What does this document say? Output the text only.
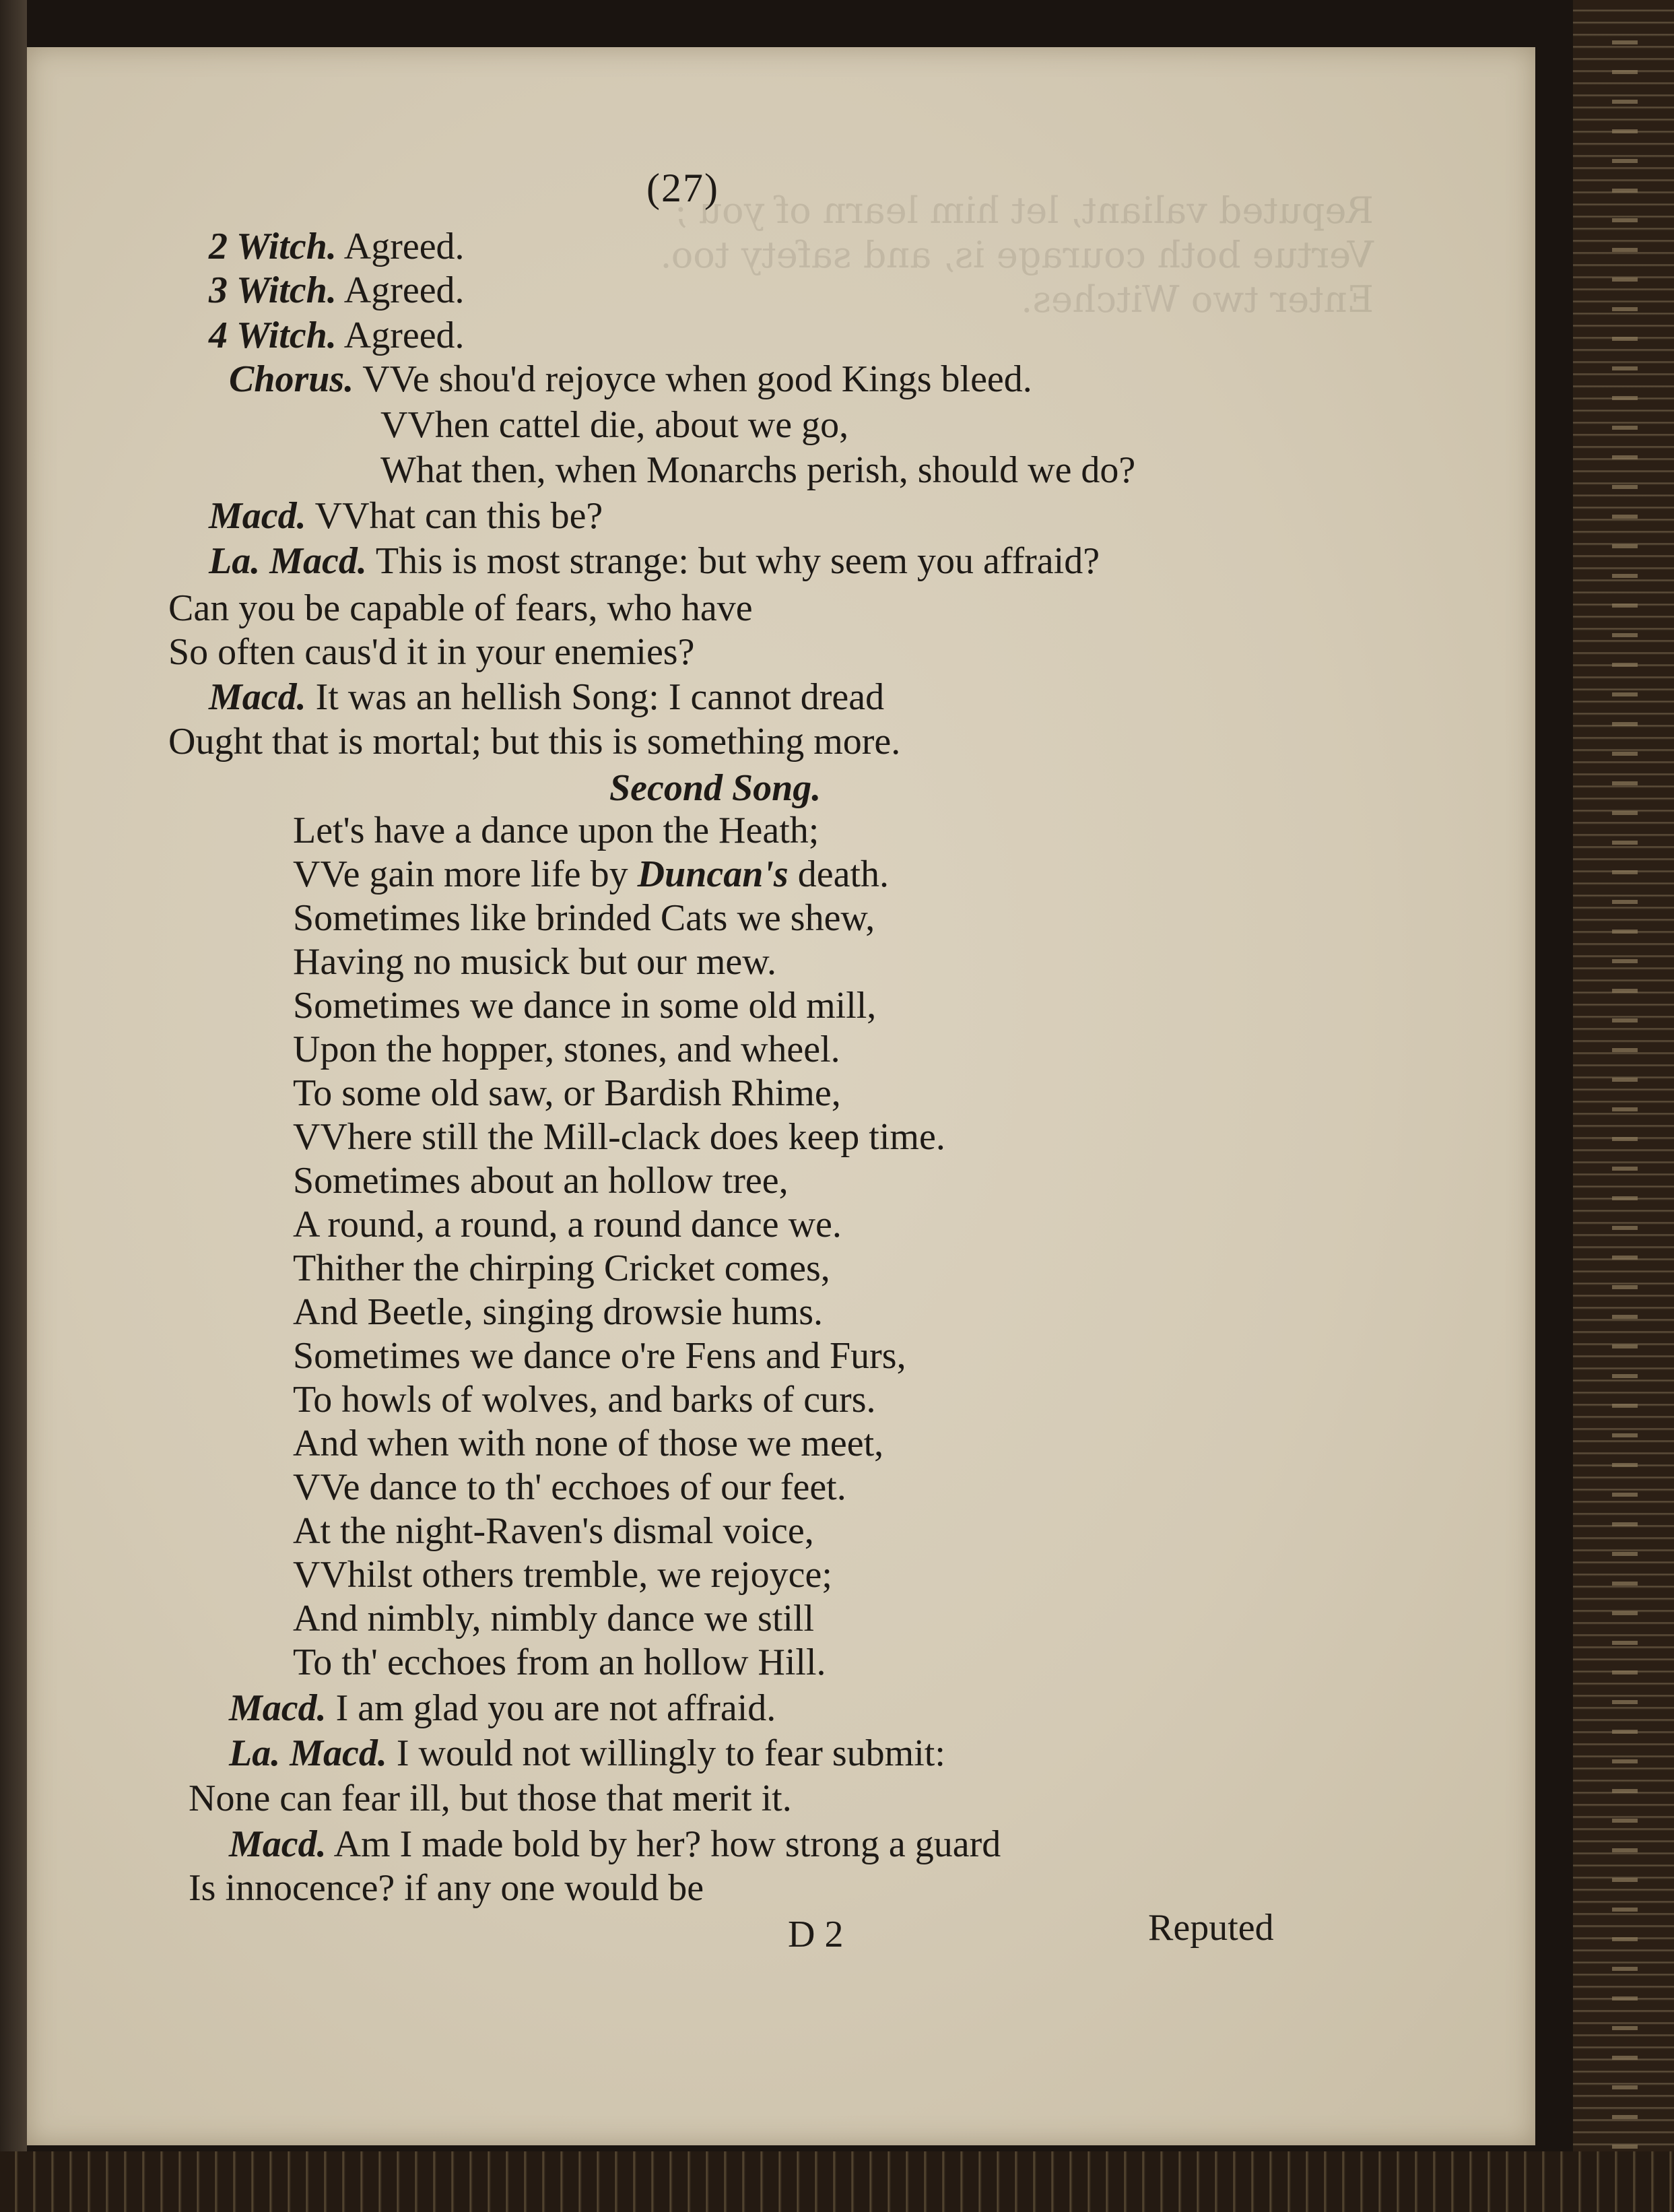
Reputed valiant, let him learn of you ;
Vertue both courage is, and safety too.
Enter two Witches.
(27)
2 Witch. Agreed.
3 Witch. Agreed.
4 Witch. Agreed.
Chorus. VVe shou'd rejoyce when good Kings bleed.
VVhen cattel die, about we go,
What then, when Monarchs perish, should we do?
Macd. VVhat can this be?
La. Macd. This is most strange: but why seem you affraid?
Can you be capable of fears, who have
So often caus'd it in your enemies?
Macd. It was an hellish Song: I cannot dread
Ought that is mortal; but this is something more.
Second Song.
Let's have a dance upon the Heath;
VVe gain more life by Duncan's death.
Sometimes like brinded Cats we shew,
Having no musick but our mew.
Sometimes we dance in some old mill,
Upon the hopper, stones, and wheel.
To some old saw, or Bardish Rhime,
VVhere still the Mill-clack does keep time.
Sometimes about an hollow tree,
A round, a round, a round dance we.
Thither the chirping Cricket comes,
And Beetle, singing drowsie hums.
Sometimes we dance o're Fens and Furs,
To howls of wolves, and barks of curs.
And when with none of those we meet,
VVe dance to th' ecchoes of our feet.
At the night-Raven's dismal voice,
VVhilst others tremble, we rejoyce;
And nimbly, nimbly dance we still
To th' ecchoes from an hollow Hill.
Macd. I am glad you are not affraid.
La. Macd. I would not willingly to fear submit:
None can fear ill, but those that merit it.
Macd. Am I made bold by her? how strong a guard
Is innocence? if any one would be
D 2	Reputed
